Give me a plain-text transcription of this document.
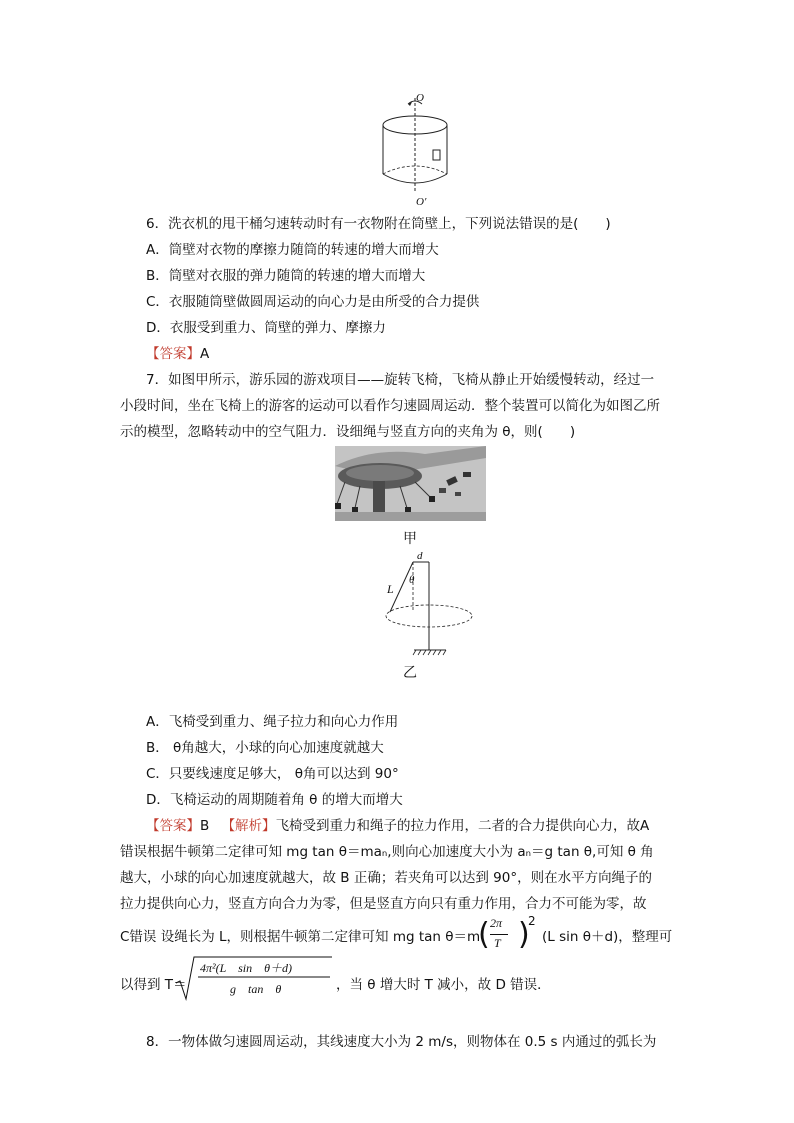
O
O′
6．洗衣机的甩干桶匀速转动时有一衣物附在筒壁上，下列说法错误的是(　　)
A．筒壁对衣物的摩擦力随筒的转速的增大而增大
B．筒壁对衣服的弹力随筒的转速的增大而增大
C．衣服随筒壁做圆周运动的向心力是由所受的合力提供
D．衣服受到重力、筒壁的弹力、摩擦力
【答案】A
7．如图甲所示，游乐园的游戏项目——旋转飞椅，飞椅从静止开始缓慢转动，经过一
小段时间，坐在飞椅上的游客的运动可以看作匀速圆周运动．整个装置可以简化为如图乙所
示的模型，忽略转动中的空气阻力．设细绳与竖直方向的夹角为 θ，则(　　)
甲
d
θ
L
乙
A．飞椅受到重力、绳子拉力和向心力作用
B． θ角越大，小球的向心加速度就越大
C．只要线速度足够大， θ角可以达到 90°
D．飞椅运动的周期随着角 θ 的增大而增大
【答案】B 【解析】飞椅受到重力和绳子的拉力作用，二者的合力提供向心力，故A
错误根据牛顿第二定律可知 mg tan θ＝maₙ,则向心加速度大小为 aₙ＝g tan θ,可知 θ 角
越大，小球的向心加速度就越大，故 B 正确；若夹角可以达到 90°，则在水平方向绳子的
拉力提供向心力，竖直方向合力为零，但是竖直方向只有重力作用，合力不可能为零，故
C错误 设绳长为 L，则根据牛顿第二定律可知 mg tan θ＝m
( 2π
T )
2
(L sin θ＋d)，整理可
以得到 T＝
4π²(L　sin　θ＋d)
g　tan　θ	，当 θ 增大时 T 减小，故 D 错误．
8．一物体做匀速圆周运动，其线速度大小为 2 m/s，则物体在 0.5 s 内通过的弧长为
